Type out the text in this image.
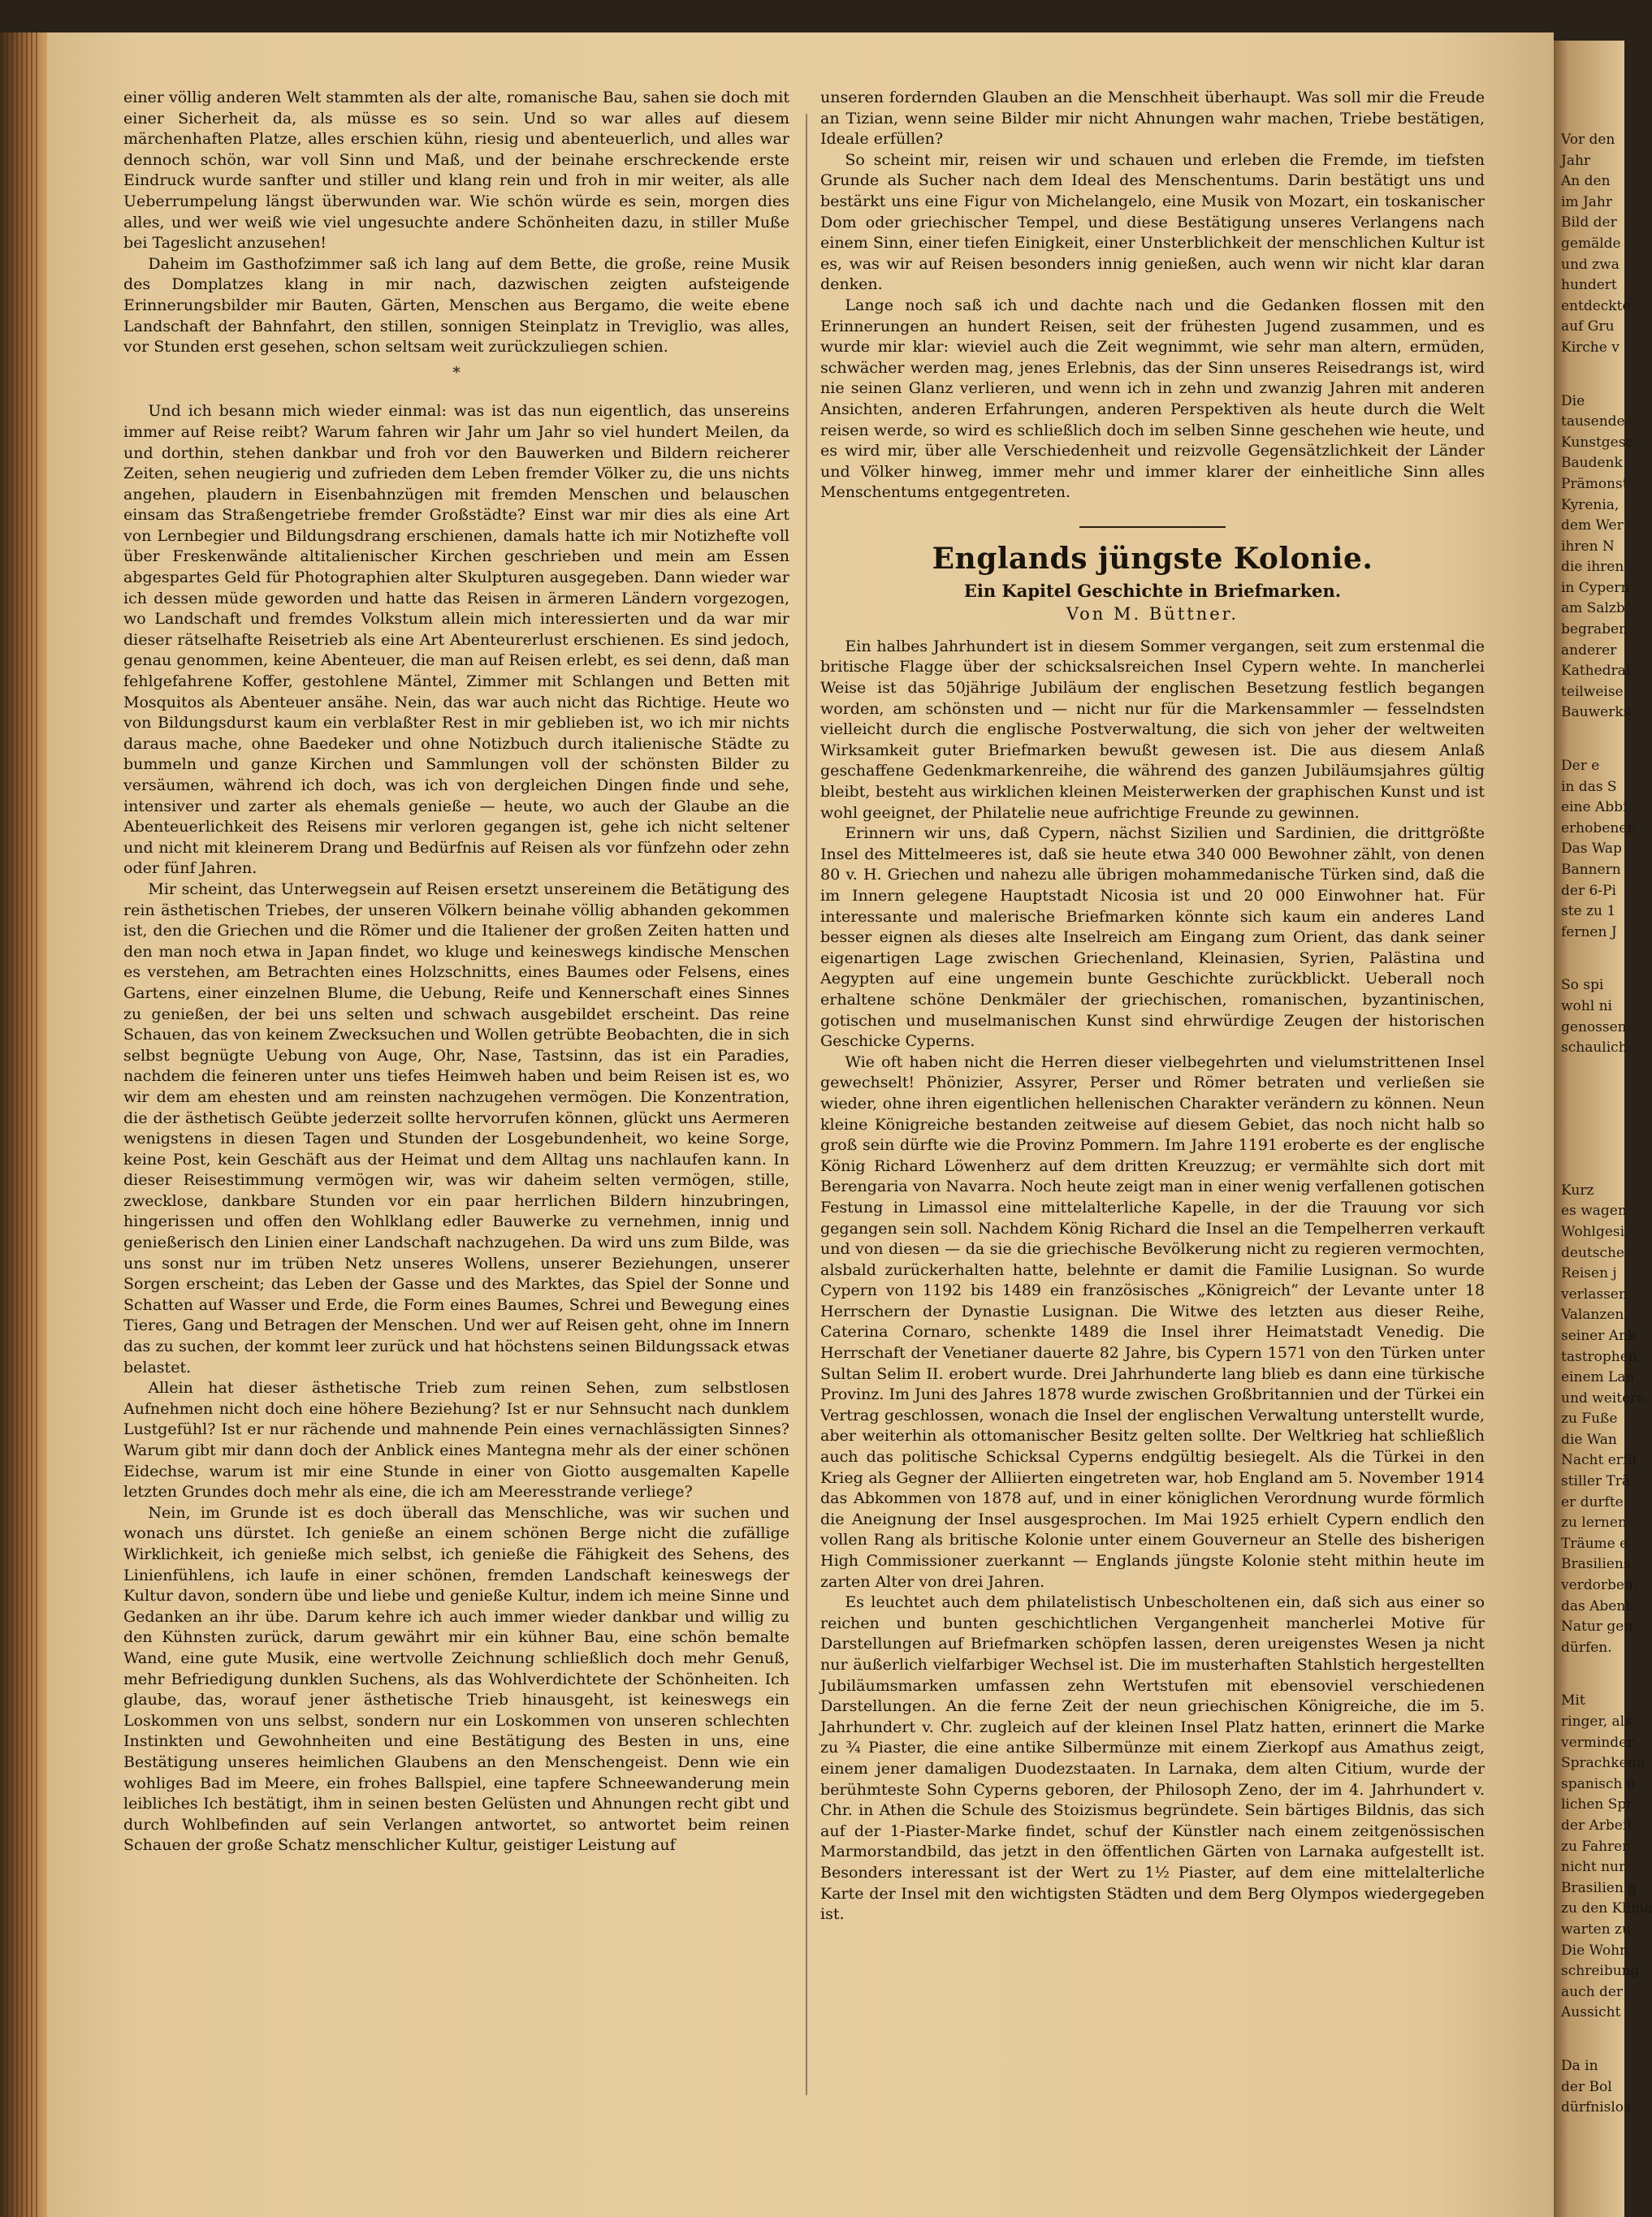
einer völlig anderen Welt stammten als der alte, romanische Bau, sahen sie doch mit einer Sicherheit da, als müsse es so sein. Und so war alles auf diesem märchenhaften Platze, alles erschien kühn, riesig und abenteuerlich, und alles war dennoch schön, war voll Sinn und Maß, und der beinahe erschreckende erste Eindruck wurde sanfter und stiller und klang rein und froh in mir weiter, als alle Ueberrumpelung längst überwunden war. Wie schön würde es sein, morgen dies alles, und wer weiß wie viel ungesuchte andere Schönheiten dazu, in stiller Muße bei Tageslicht anzusehen!

Daheim im Gasthofzimmer saß ich lang auf dem Bette, die große, reine Musik des Domplatzes klang in mir nach, dazwischen zeigten aufsteigende Erinnerungsbilder mir Bauten, Gärten, Menschen aus Bergamo, die weite ebene Landschaft der Bahnfahrt, den stillen, sonnigen Steinplatz in Treviglio, was alles, vor Stunden erst gesehen, schon seltsam weit zurückzuliegen schien.

*

Und ich besann mich wieder einmal: was ist das nun eigentlich, das unsereins immer auf Reise reibt? Warum fahren wir Jahr um Jahr so viel hundert Meilen, da und dorthin, stehen dankbar und froh vor den Bauwerken und Bildern reicherer Zeiten, sehen neugierig und zufrieden dem Leben fremder Völker zu, die uns nichts angehen, plaudern in Eisenbahnzügen mit fremden Menschen und belauschen einsam das Straßengetriebe fremder Großstädte? Einst war mir dies als eine Art von Lernbegier und Bildungsdrang erschienen, damals hatte ich mir Notizhefte voll über Freskenwände altitalienischer Kirchen geschrieben und mein am Essen abgespartes Geld für Photographien alter Skulpturen ausgegeben. Dann wieder war ich dessen müde geworden und hatte das Reisen in ärmeren Ländern vorgezogen, wo Landschaft und fremdes Volkstum allein mich interessierten und da war mir dieser rätselhafte Reisetrieb als eine Art Abenteurerlust erschienen. Es sind jedoch, genau genommen, keine Abenteuer, die man auf Reisen erlebt, es sei denn, daß man fehlgefahrene Koffer, gestohlene Mäntel, Zimmer mit Schlangen und Betten mit Mosquitos als Abenteuer ansähe. Nein, das war auch nicht das Richtige. Heute wo von Bildungsdurst kaum ein verblaßter Rest in mir geblieben ist, wo ich mir nichts daraus mache, ohne Baedeker und ohne Notizbuch durch italienische Städte zu bummeln und ganze Kirchen und Sammlungen voll der schönsten Bilder zu versäumen, während ich doch, was ich von dergleichen Dingen finde und sehe, intensiver und zarter als ehemals genieße — heute, wo auch der Glaube an die Abenteuerlichkeit des Reisens mir verloren gegangen ist, gehe ich nicht seltener und nicht mit kleinerem Drang und Bedürfnis auf Reisen als vor fünfzehn oder zehn oder fünf Jahren.

Mir scheint, das Unterwegsein auf Reisen ersetzt unsereinem die Betätigung des rein ästhetischen Triebes, der unseren Völkern beinahe völlig abhanden gekommen ist, den die Griechen und die Römer und die Italiener der großen Zeiten hatten und den man noch etwa in Japan findet, wo kluge und keineswegs kindische Menschen es verstehen, am Betrachten eines Holzschnitts, eines Baumes oder Felsens, eines Gartens, einer einzelnen Blume, die Uebung, Reife und Kennerschaft eines Sinnes zu genießen, der bei uns selten und schwach ausgebildet erscheint. Das reine Schauen, das von keinem Zwecksuchen und Wollen getrübte Beobachten, die in sich selbst begnügte Uebung von Auge, Ohr, Nase, Tastsinn, das ist ein Paradies, nachdem die feineren unter uns tiefes Heimweh haben und beim Reisen ist es, wo wir dem am ehesten und am reinsten nachzugehen vermögen. Die Konzentration, die der ästhetisch Geübte jederzeit sollte hervorrufen können, glückt uns Aermeren wenigstens in diesen Tagen und Stunden der Losgebundenheit, wo keine Sorge, keine Post, kein Geschäft aus der Heimat und dem Alltag uns nachlaufen kann. In dieser Reisestimmung vermögen wir, was wir daheim selten vermögen, stille, zwecklose, dankbare Stunden vor ein paar herrlichen Bildern hinzubringen, hingerissen und offen den Wohlklang edler Bauwerke zu vernehmen, innig und genießerisch den Linien einer Landschaft nachzugehen. Da wird uns zum Bilde, was uns sonst nur im trüben Netz unseres Wollens, unserer Beziehungen, unserer Sorgen erscheint; das Leben der Gasse und des Marktes, das Spiel der Sonne und Schatten auf Wasser und Erde, die Form eines Baumes, Schrei und Bewegung eines Tieres, Gang und Betragen der Menschen. Und wer auf Reisen geht, ohne im Innern das zu suchen, der kommt leer zurück und hat höchstens seinen Bildungssack etwas belastet.

Allein hat dieser ästhetische Trieb zum reinen Sehen, zum selbstlosen Aufnehmen nicht doch eine höhere Beziehung? Ist er nur Sehnsucht nach dunklem Lustgefühl? Ist er nur rächende und mahnende Pein eines vernachlässigten Sinnes? Warum gibt mir dann doch der Anblick eines Mantegna mehr als der einer schönen Eidechse, warum ist mir eine Stunde in einer von Giotto ausgemalten Kapelle letzten Grundes doch mehr als eine, die ich am Meeresstrande verliege?

Nein, im Grunde ist es doch überall das Menschliche, was wir suchen und wonach uns dürstet. Ich genieße an einem schönen Berge nicht die zufällige Wirklichkeit, ich genieße mich selbst, ich genieße die Fähigkeit des Sehens, des Linienfühlens, ich laufe in einer schönen, fremden Landschaft keineswegs der Kultur davon, sondern übe und liebe und genieße Kultur, indem ich meine Sinne und Gedanken an ihr übe. Darum kehre ich auch immer wieder dankbar und willig zu den Kühnsten zurück, darum gewährt mir ein kühner Bau, eine schön bemalte Wand, eine gute Musik, eine wertvolle Zeichnung schließlich doch mehr Genuß, mehr Befriedigung dunklen Suchens, als das Wohlverdichtete der Schönheiten. Ich glaube, das, worauf jener ästhetische Trieb hinausgeht, ist keineswegs ein Loskommen von uns selbst, sondern nur ein Loskommen von unseren schlechten Instinkten und Gewohnheiten und eine Bestätigung des Besten in uns, eine Bestätigung unseres heimlichen Glaubens an den Menschengeist. Denn wie ein wohliges Bad im Meere, ein frohes Ballspiel, eine tapfere Schneewanderung mein leibliches Ich bestätigt, ihm in seinen besten Gelüsten und Ahnungen recht gibt und durch Wohlbefinden auf sein Verlangen antwortet, so antwortet beim reinen Schauen der große Schatz menschlicher Kultur, geistiger Leistung auf

unseren fordernden Glauben an die Menschheit überhaupt. Was soll mir die Freude an Tizian, wenn seine Bilder mir nicht Ahnungen wahr machen, Triebe bestätigen, Ideale erfüllen?

So scheint mir, reisen wir und schauen und erleben die Fremde, im tiefsten Grunde als Sucher nach dem Ideal des Menschentums. Darin bestätigt uns und bestärkt uns eine Figur von Michelangelo, eine Musik von Mozart, ein toskanischer Dom oder griechischer Tempel, und diese Bestätigung unseres Verlangens nach einem Sinn, einer tiefen Einigkeit, einer Unsterblichkeit der menschlichen Kultur ist es, was wir auf Reisen besonders innig genießen, auch wenn wir nicht klar daran denken.

Lange noch saß ich und dachte nach und die Gedanken flossen mit den Erinnerungen an hundert Reisen, seit der frühesten Jugend zusammen, und es wurde mir klar: wieviel auch die Zeit wegnimmt, wie sehr man altern, ermüden, schwächer werden mag, jenes Erlebnis, das der Sinn unseres Reisedrangs ist, wird nie seinen Glanz verlieren, und wenn ich in zehn und zwanzig Jahren mit anderen Ansichten, anderen Erfahrungen, anderen Perspektiven als heute durch die Welt reisen werde, so wird es schließlich doch im selben Sinne geschehen wie heute, und es wird mir, über alle Verschiedenheit und reizvolle Gegensätzlichkeit der Länder und Völker hinweg, immer mehr und immer klarer der einheitliche Sinn alles Menschentums entgegentreten.

Englands jüngste Kolonie.
Ein Kapitel Geschichte in Briefmarken.
Von M. Büttner.

Ein halbes Jahrhundert ist in diesem Sommer vergangen, seit zum erstenmal die britische Flagge über der schicksalsreichen Insel Cypern wehte. In mancherlei Weise ist das 50jährige Jubiläum der englischen Besetzung festlich begangen worden, am schönsten und — nicht nur für die Markensammler — fesselndsten vielleicht durch die englische Postverwaltung, die sich von jeher der weltweiten Wirksamkeit guter Briefmarken bewußt gewesen ist. Die aus diesem Anlaß geschaffene Gedenkmarkenreihe, die während des ganzen Jubiläumsjahres gültig bleibt, besteht aus wirklichen kleinen Meisterwerken der graphischen Kunst und ist wohl geeignet, der Philatelie neue aufrichtige Freunde zu gewinnen.

Erinnern wir uns, daß Cypern, nächst Sizilien und Sardinien, die drittgrößte Insel des Mittelmeeres ist, daß sie heute etwa 340 000 Bewohner zählt, von denen 80 v. H. Griechen und nahezu alle übrigen mohammedanische Türken sind, daß die im Innern gelegene Hauptstadt Nicosia ist und 20 000 Einwohner hat. Für interessante und malerische Briefmarken könnte sich kaum ein anderes Land besser eignen als dieses alte Inselreich am Eingang zum Orient, das dank seiner eigenartigen Lage zwischen Griechenland, Kleinasien, Syrien, Palästina und Aegypten auf eine ungemein bunte Geschichte zurückblickt. Ueberall noch erhaltene schöne Denkmäler der griechischen, romanischen, byzantinischen, gotischen und muselmanischen Kunst sind ehrwürdige Zeugen der historischen Geschicke Cyperns.

Wie oft haben nicht die Herren dieser vielbegehrten und vielumstrittenen Insel gewechselt! Phönizier, Assyrer, Perser und Römer betraten und verließen sie wieder, ohne ihren eigentlichen hellenischen Charakter verändern zu können. Neun kleine Königreiche bestanden zeitweise auf diesem Gebiet, das noch nicht halb so groß sein dürfte wie die Provinz Pommern. Im Jahre 1191 eroberte es der englische König Richard Löwenherz auf dem dritten Kreuzzug; er vermählte sich dort mit Berengaria von Navarra. Noch heute zeigt man in einer wenig verfallenen gotischen Festung in Limassol eine mittelalterliche Kapelle, in der die Trauung vor sich gegangen sein soll. Nachdem König Richard die Insel an die Tempelherren verkauft und von diesen — da sie die griechische Bevölkerung nicht zu regieren vermochten, alsbald zurückerhalten hatte, belehnte er damit die Familie Lusignan. So wurde Cypern von 1192 bis 1489 ein französisches „Königreich“ der Levante unter 18 Herrschern der Dynastie Lusignan. Die Witwe des letzten aus dieser Reihe, Caterina Cornaro, schenkte 1489 die Insel ihrer Heimatstadt Venedig. Die Herrschaft der Venetianer dauerte 82 Jahre, bis Cypern 1571 von den Türken unter Sultan Selim II. erobert wurde. Drei Jahrhunderte lang blieb es dann eine türkische Provinz. Im Juni des Jahres 1878 wurde zwischen Großbritannien und der Türkei ein Vertrag geschlossen, wonach die Insel der englischen Verwaltung unterstellt wurde, aber weiterhin als ottomanischer Besitz gelten sollte. Der Weltkrieg hat schließlich auch das politische Schicksal Cyperns endgültig besiegelt. Als die Türkei in den Krieg als Gegner der Alliierten eingetreten war, hob England am 5. November 1914 das Abkommen von 1878 auf, und in einer königlichen Verordnung wurde förmlich die Aneignung der Insel ausgesprochen. Im Mai 1925 erhielt Cypern endlich den vollen Rang als britische Kolonie unter einem Gouverneur an Stelle des bisherigen High Commissioner zuerkannt — Englands jüngste Kolonie steht mithin heute im zarten Alter von drei Jahren.

Es leuchtet auch dem philatelistisch Unbescholtenen ein, daß sich aus einer so reichen und bunten geschichtlichen Vergangenheit mancherlei Motive für Darstellungen auf Briefmarken schöpfen lassen, deren ureigenstes Wesen ja nicht nur äußerlich vielfarbiger Wechsel ist. Die im musterhaften Stahlstich hergestellten Jubiläumsmarken umfassen zehn Wertstufen mit ebensoviel verschiedenen Darstellungen. An die ferne Zeit der neun griechischen Königreiche, die im 5. Jahrhundert v. Chr. zugleich auf der kleinen Insel Platz hatten, erinnert die Marke zu ¾ Piaster, die eine antike Silbermünze mit einem Zierkopf aus Amathus zeigt, einem jener damaligen Duodezstaaten. In Larnaka, dem alten Citium, wurde der berühmteste Sohn Cyperns geboren, der Philosoph Zeno, der im 4. Jahrhundert v. Chr. in Athen die Schule des Stoizismus begründete. Sein bärtiges Bildnis, das sich auf der 1-Piaster-Marke findet, schuf der Künstler nach einem zeitgenössischen Marmorstandbild, das jetzt in den öffentlichen Gärten von Larnaka aufgestellt ist. Besonders interessant ist der Wert zu 1½ Piaster, auf dem eine mittelalterliche Karte der Insel mit den wichtigsten Städten und dem Berg Olympos wiedergegeben ist.

Vor den
Jahr
An den
im Jahr
Bild der
gemälde
und zwa
hundert
entdeckte
auf Gru
Kirche v
Die
tausende
Kunstgesc
Baudenk
Prämonst
Kyrenia,
dem Wer
ihren N
die ihren
in Cypern
am Salzb
begraben
anderer
Kathedral
teilweise
Bauwerks
Der e
in das S
eine Abbi
erhobener
Das Wap
Bannern
der 6-Pi
ste zu 1
fernen J
So spi
wohl ni
genossen
schaulich
Kurz
es wagen
Wohlgesi
deutsche
Reisen j
verlassen
Valanzen,
seiner Ank
tastrophen
einem Lan
und weitere
zu Fuße
die Wan
Nacht erfü
stiller Trä
er durfte
zu lernen
Träume e
Brasiliens
verdorben,
das Abent
Natur gen
dürfen.
Mit
ringer, als
verminder
Sprachkenn
spanisch u
lichen Spr
der Arbeit
zu Fahrer
nicht nur
Brasilien g
zu den Klima
warten zu
Die Wohn
schreibung
auch der
Aussicht
Da in
der Bol
dürfnislos
